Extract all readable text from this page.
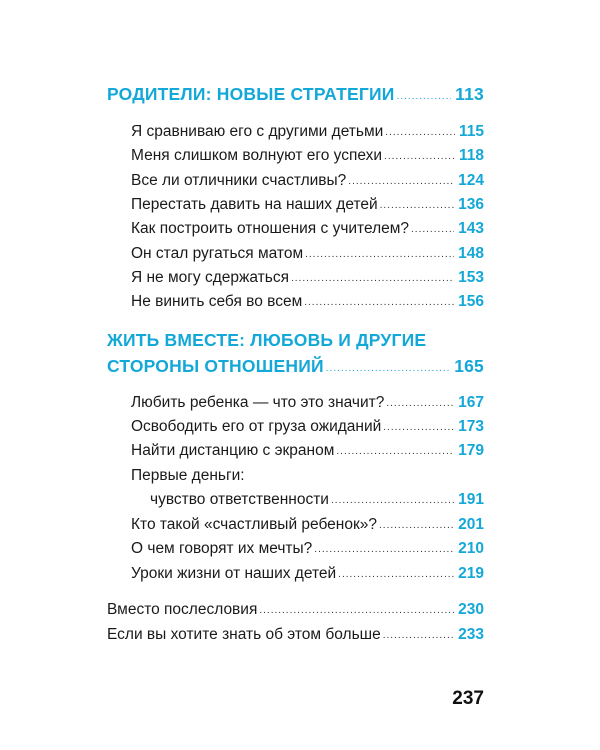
РОДИТЕЛИ: НОВЫЕ СТРАТЕГИИ .....	113
Я сравниваю его с другими детьми .....	115
Меня слишком волнуют его успехи .....	118
Все ли отличники счастливы? .....	124
Перестать давить на наших детей .....	136
Как построить отношения с учителем? .....	143
Он стал ругаться матом .....	148
Я не могу сдержаться .....	153
Не винить себя во всем .....	156
ЖИТЬ ВМЕСТЕ: ЛЮБОВЬ И ДРУГИЕ
СТОРОНЫ ОТНОШЕНИЙ .....	165
Любить ребенка — что это значит? .....	167
Освободить его от груза ожиданий .....	173
Найти дистанцию с экраном .....	179
Первые деньги:
чувство ответственности .....	191
Кто такой «счастливый ребенок»? .....	201
О чем говорят их мечты? .....	210
Уроки жизни от наших детей .....	219
Вместо послесловия .....	230
Если вы хотите знать об этом больше .....	233
237
